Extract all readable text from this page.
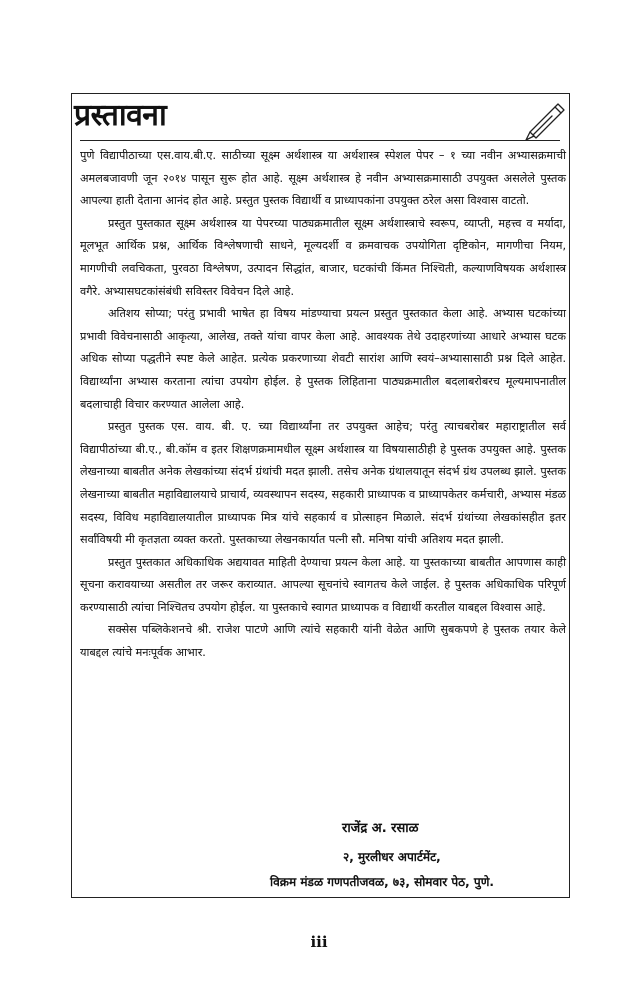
प्रस्तावना

पुणे विद्यापीठाच्या एस.वाय.बी.ए. साठीच्या सूक्ष्म अर्थशास्त्र या अर्थशास्त्र स्पेशल पेपर – १ च्या नवीन अभ्यासक्रमाची अमलबजावणी जून २०१४ पासून सुरू होत आहे. सूक्ष्म अर्थशास्त्र हे नवीन अभ्यासक्रमासाठी उपयुक्त असलेले पुस्तक आपल्या हाती देताना आनंद होत आहे. प्रस्तुत पुस्तक विद्यार्थी व प्राध्यापकांना उपयुक्त ठरेल असा विश्वास वाटतो.

प्रस्तुत पुस्तकात सूक्ष्म अर्थशास्त्र या पेपरच्या पाठ्यक्रमातील सूक्ष्म अर्थशास्त्राचे स्वरूप, व्याप्ती, महत्त्व व मर्यादा, मूलभूत आर्थिक प्रश्न, आर्थिक विश्लेषणाची साधने, मूल्यदर्शी व क्रमवाचक उपयोगिता दृष्टिकोन, मागणीचा नियम, मागणीची लवचिकता, पुरवठा विश्लेषण, उत्पादन सिद्धांत, बाजार, घटकांची किंमत निश्चिती, कल्याणविषयक अर्थशास्त्र वगैरे. अभ्यासघटकांसंबंधी सविस्तर विवेचन दिले आहे.

अतिशय सोप्या; परंतु प्रभावी भाषेत हा विषय मांडण्याचा प्रयत्न प्रस्तुत पुस्तकात केला आहे. अभ्यास घटकांच्या प्रभावी विवेचनासाठी आकृत्या, आलेख, तक्ते यांचा वापर केला आहे. आवश्यक तेथे उदाहरणांच्या आधारे अभ्यास घटक अधिक सोप्या पद्धतीने स्पष्ट केले आहेत. प्रत्येक प्रकरणाच्या शेवटी सारांश आणि स्वयं–अभ्यासासाठी प्रश्न दिले आहेत. विद्यार्थ्यांना अभ्यास करताना त्यांचा उपयोग होईल. हे पुस्तक लिहिताना पाठ्यक्रमातील बदलाबरोबरच मूल्यमापनातील बदलाचाही विचार करण्यात आलेला आहे.

प्रस्तुत पुस्तक एस. वाय. बी. ए. च्या विद्यार्थ्यांना तर उपयुक्त आहेच; परंतु त्याचबरोबर महाराष्ट्रातील सर्व विद्यापीठांच्या बी.ए., बी.कॉम व इतर शिक्षणक्रमामधील सूक्ष्म अर्थशास्त्र या विषयासाठीही हे पुस्तक उपयुक्त आहे. पुस्तक लेखनाच्या बाबतीत अनेक लेखकांच्या संदर्भ ग्रंथांची मदत झाली. तसेच अनेक ग्रंथालयातून संदर्भ ग्रंथ उपलब्ध झाले. पुस्तक लेखनाच्या बाबतीत महाविद्यालयाचे प्राचार्य, व्यवस्थापन सदस्य, सहकारी प्राध्यापक व प्राध्यापकेतर कर्मचारी, अभ्यास मंडळ सदस्य, विविध महाविद्यालयातील प्राध्यापक मित्र यांचे सहकार्य व प्रोत्साहन मिळाले. संदर्भ ग्रंथांच्या लेखकांसहीत इतर सर्वांविषयी मी कृतज्ञता व्यक्त करतो. पुस्तकाच्या लेखनकार्यात पत्नी सौ. मनिषा यांची अतिशय मदत झाली.

प्रस्तुत पुस्तकात अधिकाधिक अद्ययावत माहिती देण्याचा प्रयत्न केला आहे. या पुस्तकाच्या बाबतीत आपणास काही सूचना करावयाच्या असतील तर जरूर कराव्यात. आपल्या सूचनांचे स्वागतच केले जाईल. हे पुस्तक अधिकाधिक परिपूर्ण करण्यासाठी त्यांचा निश्चितच उपयोग होईल. या पुस्तकाचे स्वागत प्राध्यापक व विद्यार्थी करतील याबद्दल विश्वास आहे.

सक्सेस पब्लिकेशनचे श्री. राजेश पाटणे आणि त्यांचे सहकारी यांनी वेळेत आणि सुबकपणे हे पुस्तक तयार केले याबद्दल त्यांचे मनःपूर्वक आभार.

राजेंद्र अ. रसाळ
२, मुरलीधर अपार्टमेंट,
विक्रम मंडळ गणपतीजवळ, ७३, सोमवार पेठ, पुणे.
iii
